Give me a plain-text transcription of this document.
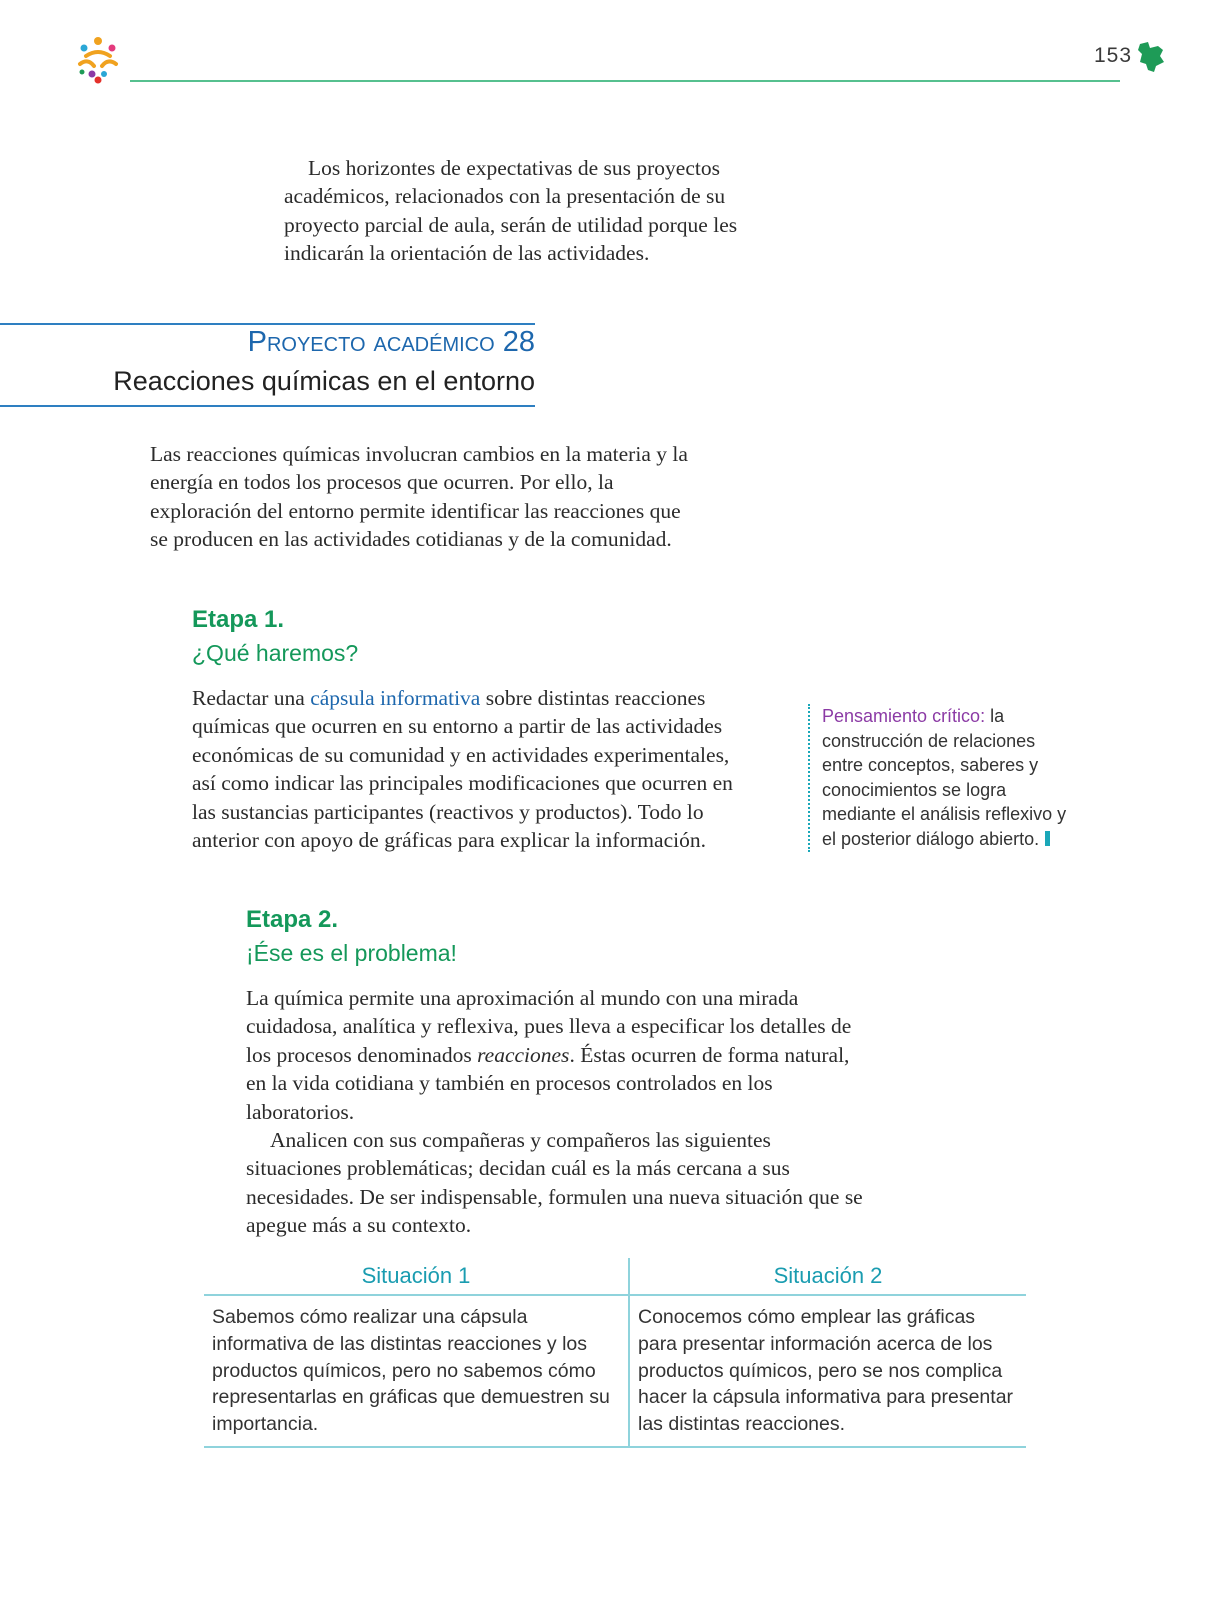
153

Los horizontes de expectativas de sus proyectos académicos, relacionados con la presentación de su proyecto parcial de aula, serán de utilidad porque les indicarán la orientación de las actividades.

Proyecto académico 28
Reacciones químicas en el entorno

Las reacciones químicas involucran cambios en la materia y la energía en todos los procesos que ocurren. Por ello, la exploración del entorno permite identificar las reacciones que se producen en las actividades cotidianas y de la comunidad.

Etapa 1.
¿Qué haremos?

Redactar una cápsula informativa sobre distintas reacciones químicas que ocurren en su entorno a partir de las actividades económicas de su comunidad y en actividades experimentales, así como indicar las principales modificaciones que ocurren en las sustancias participantes (reactivos y productos). Todo lo anterior con apoyo de gráficas para explicar la información.

Pensamiento crítico: la construcción de relaciones entre conceptos, saberes y conocimientos se logra mediante el análisis reflexivo y el posterior diálogo abierto.
Etapa 2.
¡Ése es el problema!

La química permite una aproximación al mundo con una mirada cuidadosa, analítica y reflexiva, pues lleva a especificar los detalles de los procesos denominados reacciones. Éstas ocurren de forma natural, en la vida cotidiana y también en procesos controlados en los laboratorios.

Analicen con sus compañeras y compañeros las siguientes situaciones problemáticas; decidan cuál es la más cercana a sus necesidades. De ser indispensable, formulen una nueva situación que se apegue más a su contexto.

Situación 1
Sabemos cómo realizar una cápsula informativa de las distintas reacciones y los productos químicos, pero no sabemos cómo representarlas en gráficas que demuestren su importancia.
Situación 2
Conocemos cómo emplear las gráficas para presentar información acerca de los productos químicos, pero se nos complica hacer la cápsula informativa para presentar las distintas reacciones.
